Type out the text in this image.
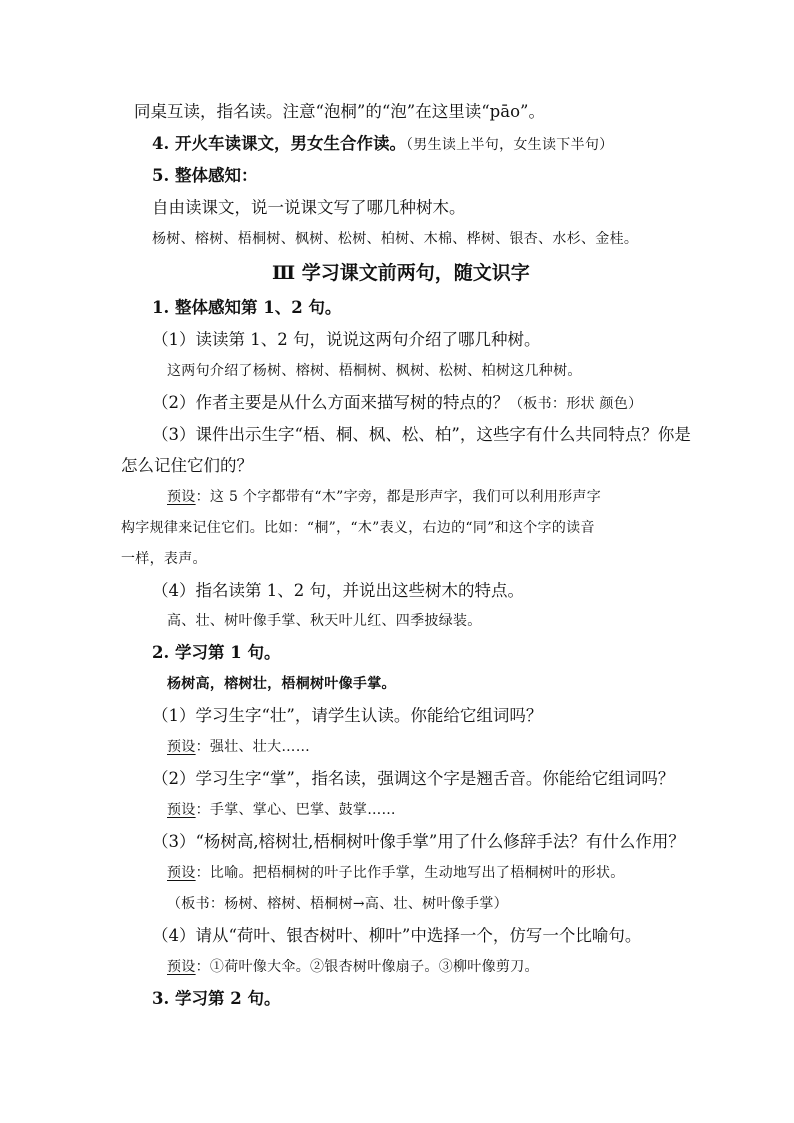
同桌互读，指名读。注意“泡桐”的“泡”在这里读“pāo”。
4. 开火车读课文，男女生合作读。（男生读上半句，女生读下半句）
5. 整体感知：
自由读课文，说一说课文写了哪几种树木。
杨树、榕树、梧桐树、枫树、松树、柏树、木棉、桦树、银杏、水杉、金桂。
Ⅲ 学习课文前两句，随文识字
1. 整体感知第 1、2 句。
（1）读读第 1、2 句，说说这两句介绍了哪几种树。
这两句介绍了杨树、榕树、梧桐树、枫树、松树、柏树这几种树。
（2）作者主要是从什么方面来描写树的特点的？（板书：形状 颜色）
（3）课件出示生字“梧、桐、枫、松、柏”，这些字有什么共同特点？你是
怎么记住它们的？
预设：这 5 个字都带有“木”字旁，都是形声字，我们可以利用形声字
构字规律来记住它们。比如：“桐”，“木”表义，右边的“同”和这个字的读音
一样，表声。
（4）指名读第 1、2 句，并说出这些树木的特点。
高、壮、树叶像手掌、秋天叶儿红、四季披绿装。
2. 学习第 1 句。
杨树高，榕树壮，梧桐树叶像手掌。
（1）学习生字“壮”，请学生认读。你能给它组词吗？
预设：强壮、壮大……
（2）学习生字“掌”，指名读，强调这个字是翘舌音。你能给它组词吗？
预设：手掌、掌心、巴掌、鼓掌……
（3）“杨树高,榕树壮,梧桐树叶像手掌”用了什么修辞手法？有什么作用？
预设：比喻。把梧桐树的叶子比作手掌，生动地写出了梧桐树叶的形状。
（板书：杨树、榕树、梧桐树→高、壮、树叶像手掌）
（4）请从“荷叶、银杏树叶、柳叶”中选择一个，仿写一个比喻句。
预设：①荷叶像大伞。②银杏树叶像扇子。③柳叶像剪刀。
3. 学习第 2 句。
